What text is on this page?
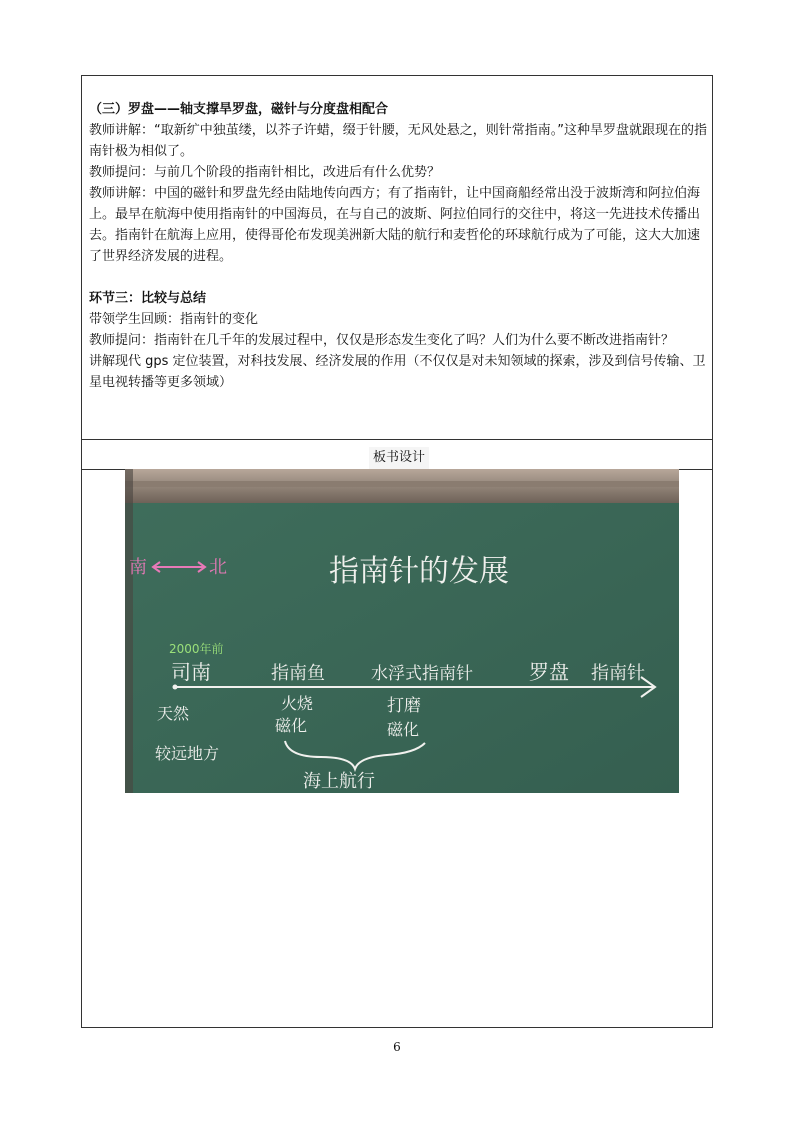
（三）罗盘——轴支撑旱罗盘，磁针与分度盘相配合

教师讲解：“取新纩中独茧缕，以芥子许蜡，缀于针腰，无风处悬之，则针常指南。”这种旱罗盘就跟现在的指南针极为相似了。

教师提问：与前几个阶段的指南针相比，改进后有什么优势？

教师讲解：中国的磁针和罗盘先经由陆地传向西方；有了指南针，让中国商船经常出没于波斯湾和阿拉伯海上。最早在航海中使用指南针的中国海员，在与自己的波斯、阿拉伯同行的交往中，将这一先进技术传播出去。指南针在航海上应用，使得哥伦布发现美洲新大陆的航行和麦哲伦的环球航行成为了可能，这大大加速了世界经济发展的进程。

环节三：比较与总结

带领学生回顾：指南针的变化

教师提问：指南针在几千年的发展过程中，仅仅是形态发生变化了吗？人们为什么要不断改进指南针？

讲解现代 gps 定位装置，对科技发展、经济发展的作用（不仅仅是对未知领域的探索，涉及到信号传输、卫星电视转播等更多领域）

板书设计
指南针的发展
南	北
2000年前
司南	指南鱼	水浮式指南针	罗盘 指南针
天然
较远地方
火烧
磁化
打磨
磁化
海上航行
6
